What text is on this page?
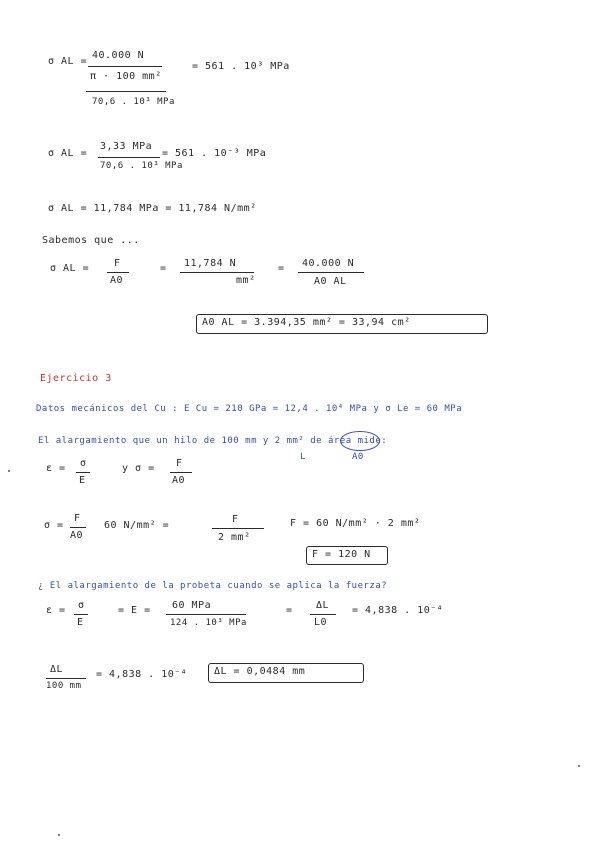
σ AL =
40.000 N
π · 100 mm²
70,6 . 10³ MPa
= 561 . 10³ MPa
σ AL =
3,33 MPa
70,6 . 10³ MPa
= 561 . 10⁻³ MPa
σ AL = 11,784 MPa = 11,784 N/mm²
Sabemos que ...
σ AL = F
A0
= 11,784 N
mm²
= 40.000 N
A0 AL
A0 AL = 3.394,35 mm² = 33,94 cm²
Ejercicio 3
Datos mecánicos del Cu : E Cu = 210 GPa = 12,4 . 10⁴ MPa y σ Le = 60 MPa
El alargamiento que un hilo de 100 mm y 2 mm² de área mide:
L	A0
ε = σ
E
y σ = F
A0
σ =
F
A0
60 N/mm² =
F
2 mm²
F = 60 N/mm² · 2 mm²
F = 120 N
¿ El alargamiento de la probeta cuando se aplica la fuerza?
ε = σ
E
= E = 60 MPa
124 . 10³ MPa
= ΔL
L0
= 4,838 . 10⁻⁴
ΔL
100 mm
= 4,838 . 10⁻⁴	ΔL = 0,0484 mm
